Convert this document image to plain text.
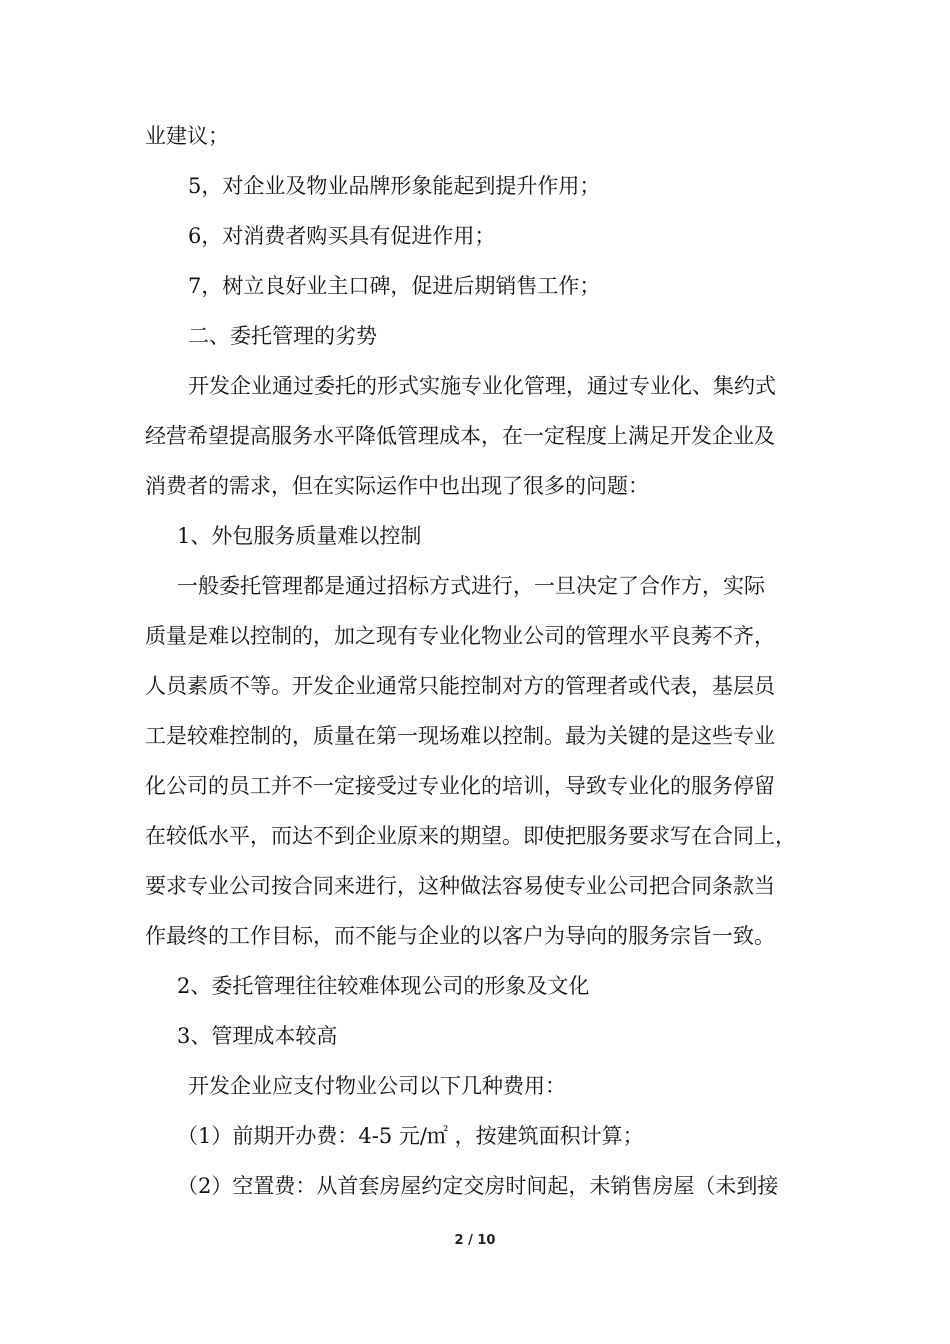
业建议；
5，对企业及物业品牌形象能起到提升作用；
6，对消费者购买具有促进作用；
7，树立良好业主口碑，促进后期销售工作；
二、委托管理的劣势
开发企业通过委托的形式实施专业化管理，通过专业化、集约式
经营希望提高服务水平降低管理成本，在一定程度上满足开发企业及
消费者的需求，但在实际运作中也出现了很多的问题：
1、外包服务质量难以控制
一般委托管理都是通过招标方式进行，一旦决定了合作方，实际
质量是难以控制的，加之现有专业化物业公司的管理水平良莠不齐，
人员素质不等。开发企业通常只能控制对方的管理者或代表，基层员
工是较难控制的，质量在第一现场难以控制。最为关键的是这些专业
化公司的员工并不一定接受过专业化的培训，导致专业化的服务停留
在较低水平，而达不到企业原来的期望。即使把服务要求写在合同上，
要求专业公司按合同来进行，这种做法容易使专业公司把合同条款当
作最终的工作目标，而不能与企业的以客户为导向的服务宗旨一致。
2、委托管理往往较难体现公司的形象及文化
3、管理成本较高
开发企业应支付物业公司以下几种费用：
（1）前期开办费：4-5 元/㎡ ，按建筑面积计算；
（2）空置费：从首套房屋约定交房时间起，未销售房屋（未到接
2 / 10
